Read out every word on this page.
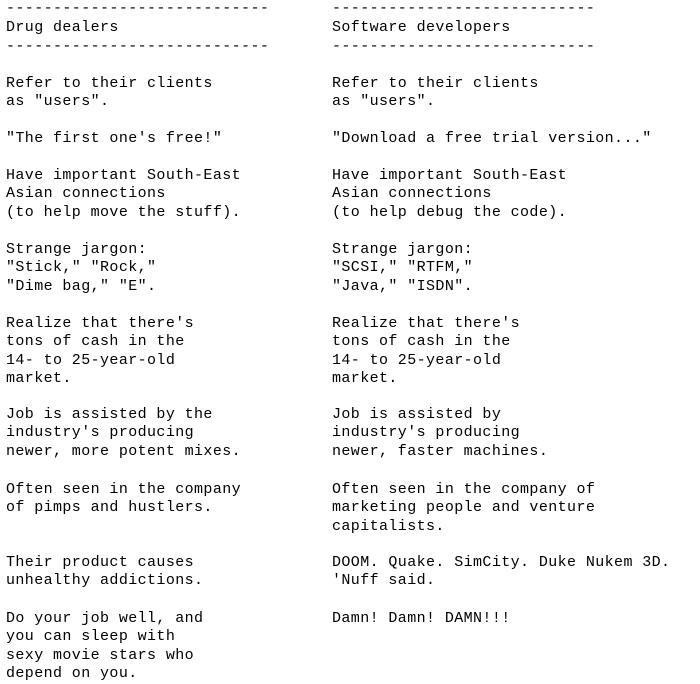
----------------------------
Drug dealers
----------------------------
Refer to their clients
as "users".
"The first one's free!"
Have important South-East
Asian connections
(to help move the stuff).
Strange jargon:
"Stick," "Rock,"
"Dime bag," "E".
Realize that there's
tons of cash in the
14- to 25-year-old
market.
Job is assisted by the
industry's producing
newer, more potent mixes.
Often seen in the company
of pimps and hustlers.
Their product causes
unhealthy addictions.
Do your job well, and
you can sleep with
sexy movie stars who
depend on you.
----------------------------
Software developers
----------------------------
Refer to their clients
as "users".
"Download a free trial version..."
Have important South-East
Asian connections
(to help debug the code).
Strange jargon:
"SCSI," "RTFM,"
"Java," "ISDN".
Realize that there's
tons of cash in the
14- to 25-year-old
market.
Job is assisted by
industry's producing
newer, faster machines.
Often seen in the company of
marketing people and venture
capitalists.
DOOM. Quake. SimCity. Duke Nukem 3D.
'Nuff said.
Damn! Damn! DAMN!!!
